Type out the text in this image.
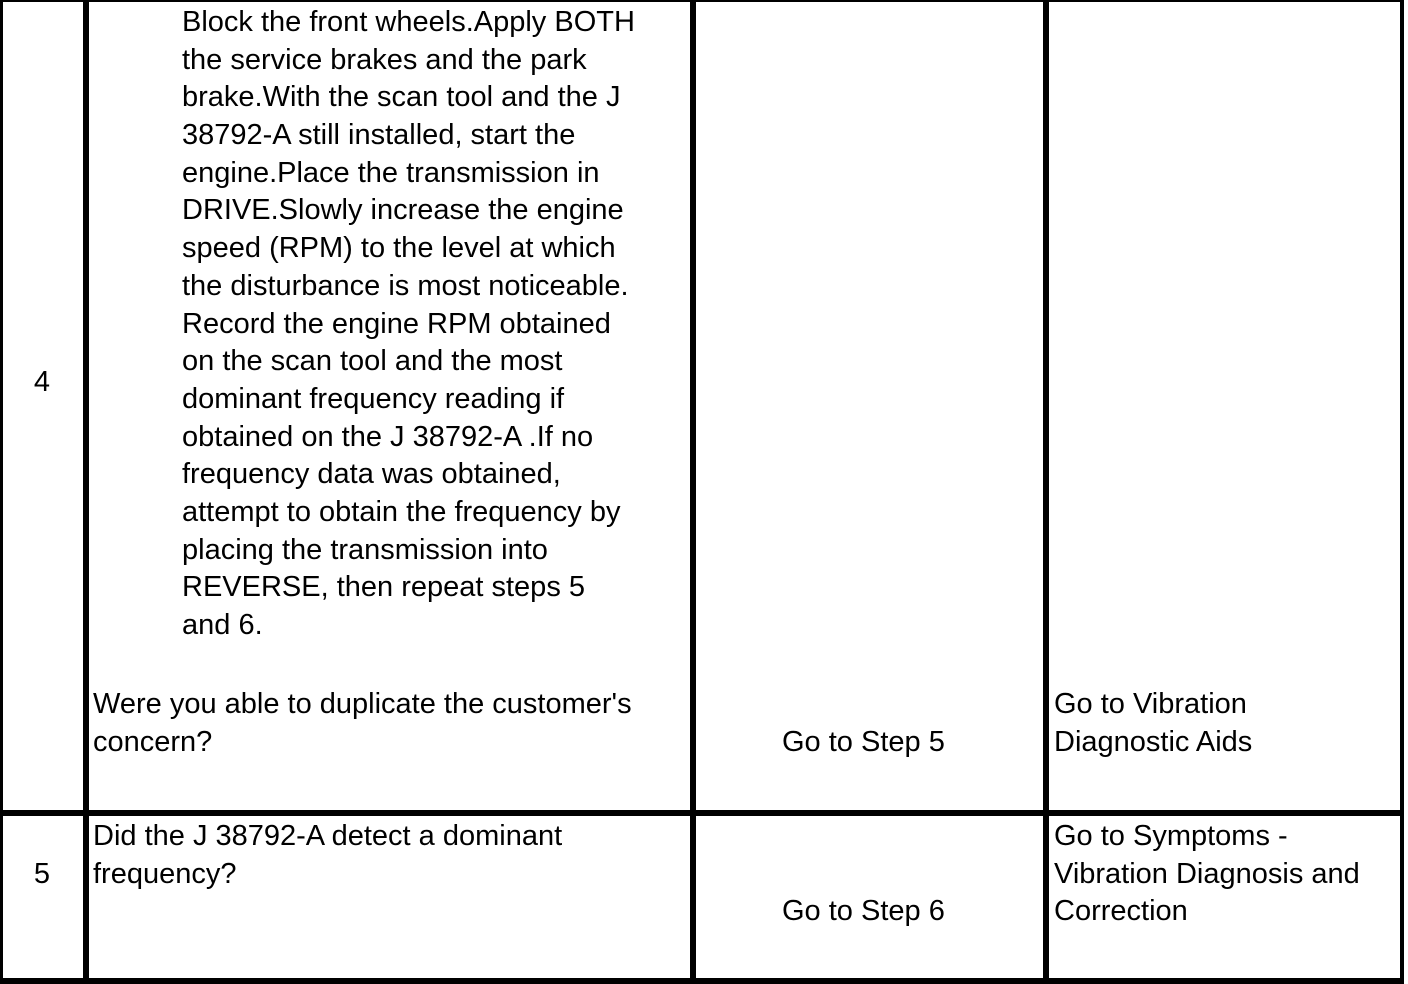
4
Block the front wheels.Apply BOTH
the service brakes and the park
brake.With the scan tool and the J
38792-A still installed, start the
engine.Place the transmission in
DRIVE.Slowly increase the engine
speed (RPM) to the level at which
the disturbance is most noticeable.
Record the engine RPM obtained
on the scan tool and the most
dominant frequency reading if
obtained on the J 38792-A .If no
frequency data was obtained,
attempt to obtain the frequency by
placing the transmission into
REVERSE, then repeat steps 5
and 6.
Were you able to duplicate the customer's
concern?	Go to Step 5
Go to Vibration
Diagnostic Aids
5
Did the J 38792-A detect a dominant
frequency?
Go to Step 6
Go to Symptoms -
Vibration Diagnosis and
Correction
